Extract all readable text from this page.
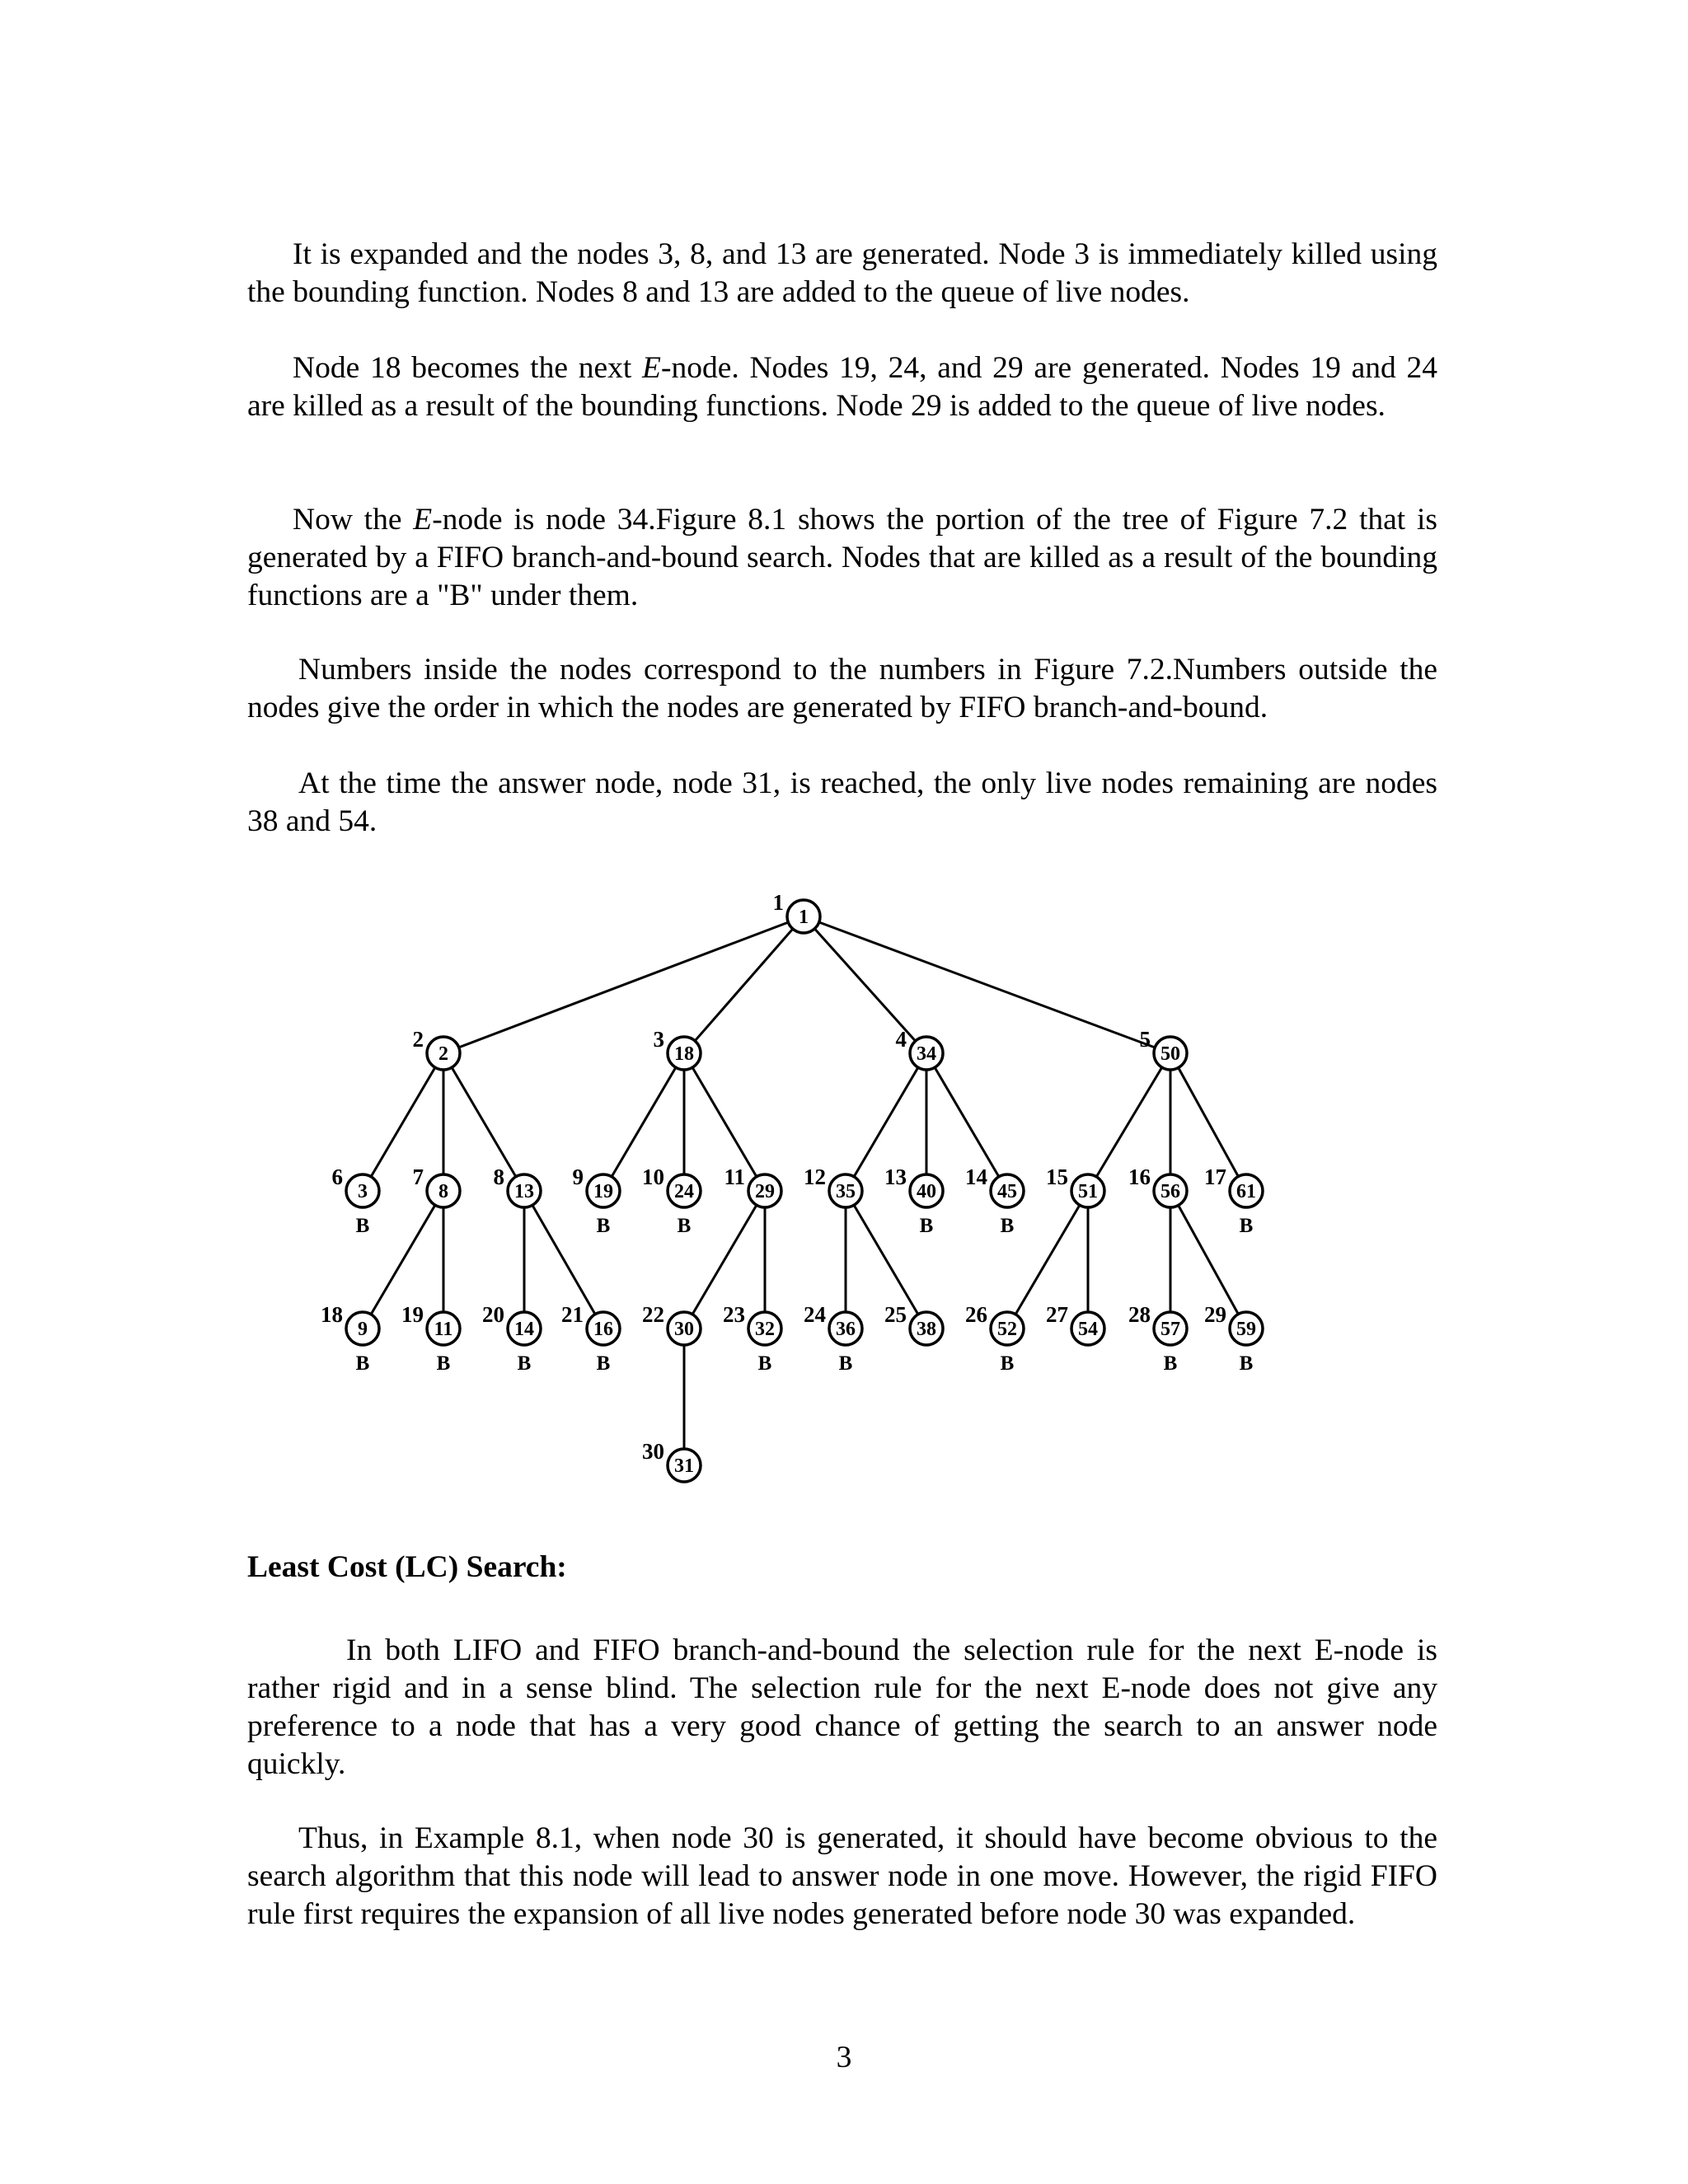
It is expanded and the nodes 3, 8, and 13 are generated. Node 3 is immediately killed using the bounding function. Nodes 8 and 13 are added to the queue of live nodes.

Node 18 becomes the next E-node. Nodes 19, 24, and 29 are generated. Nodes 19 and 24 are killed as a result of the bounding functions. Node 29 is added to the queue of live nodes.

Now the E-node is node 34.Figure 8.1 shows the portion of the tree of Figure 7.2 that is generated by a FIFO branch-and-bound search. Nodes that are killed as a result of the bounding functions are a "B" under them.

Numbers inside the nodes correspond to the numbers in Figure 7.2.Numbers outside the nodes give the order in which the nodes are generated by FIFO branch-and-bound.

At the time the answer node, node 31, is reached, the only live nodes remaining are nodes 38 and 54.

1
1
2
2
18
3
34
4
50
5
3
6
B
8
7
13
8
19
9
B
24
10
B
29
11
35
12
40
13
B
45
14
B
51
15
56
16
61
17
B
9
18
B
11
19
B
14
20
B
16
21
B
30
22
32
23
B
36
24
B
38
25
52
26
B
54
27
57
28
B
59
29
B
31
30

Least Cost (LC) Search:

In both LIFO and FIFO branch-and-bound the selection rule for the next E-node is rather rigid and in a sense blind. The selection rule for the next E-node does not give any preference to a node that has a very good chance of getting the search to an answer node quickly.

Thus, in Example 8.1, when node 30 is generated, it should have become obvious to the search algorithm that this node will lead to answer node in one move. However, the rigid FIFO rule first requires the expansion of all live nodes generated before node 30 was expanded.

3
